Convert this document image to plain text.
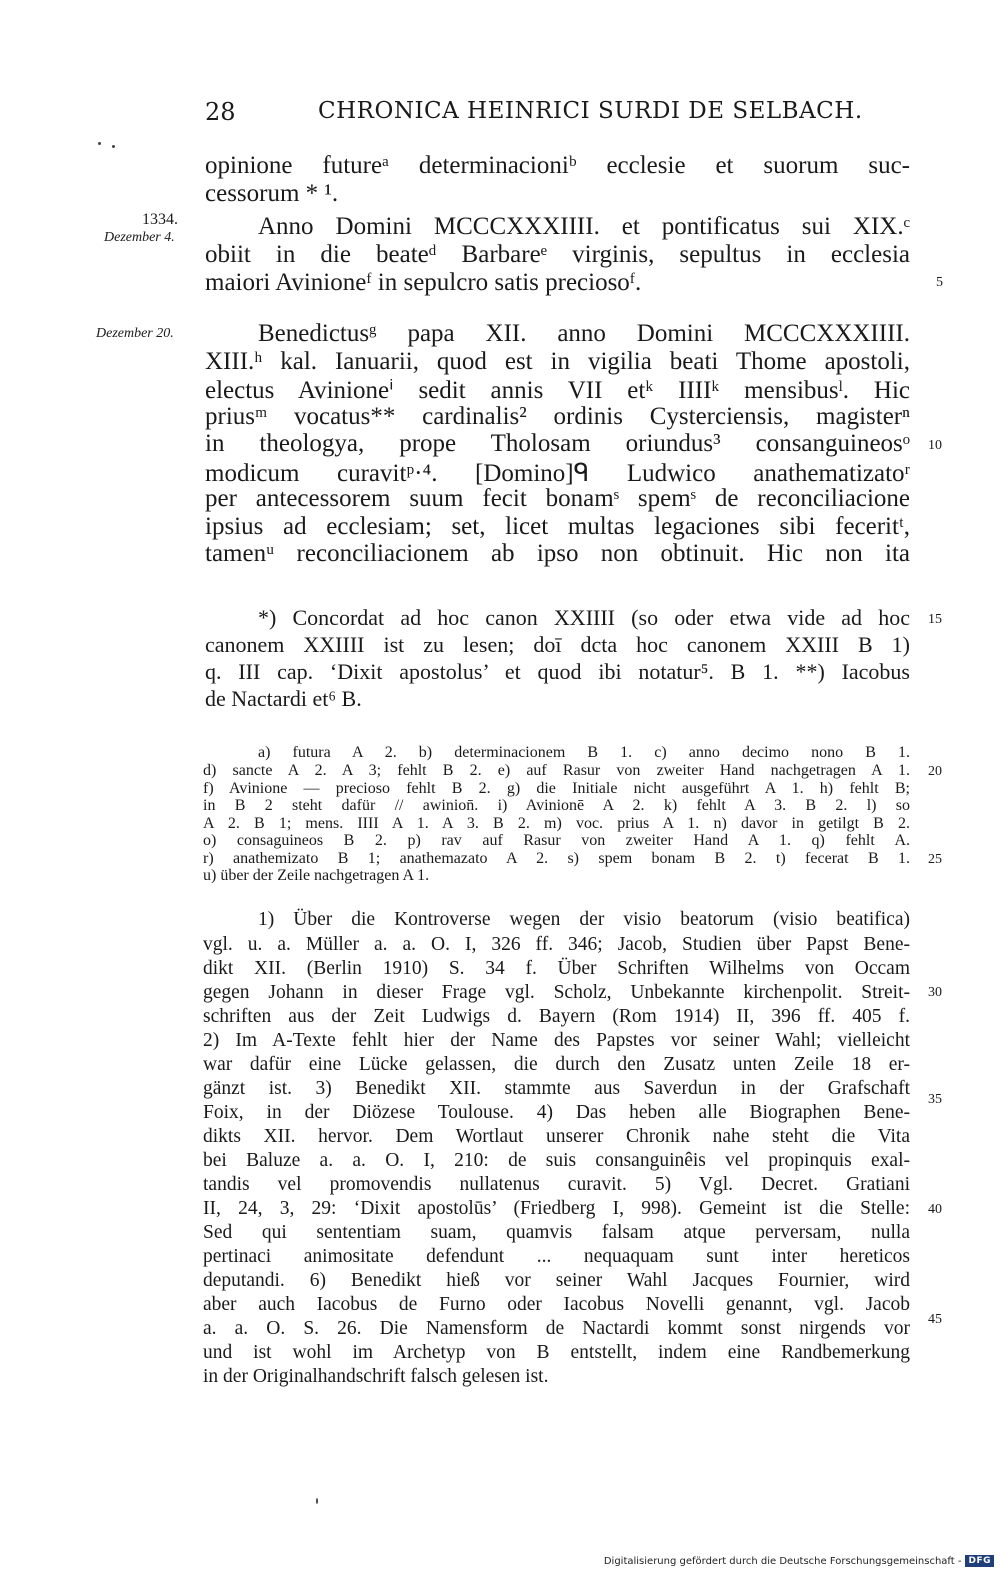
28	CHRONICA HEINRICI SURDI DE SELBACH.
1334.
Dezember 4.
Dezember 20.
opinione futureᵃ determinacioniᵇ ecclesie et suorum suc-
cessorum * ¹.
Anno Domini MCCCXXXIIII. et pontificatus sui XIX.ᶜ
obiit in die beateᵈ Barbareᵉ virginis, sepultus in ecclesia
maiori Avinioneᶠ in sepulcro satis preciosoᶠ.
Benedictusᵍ papa XII. anno Domini MCCCXXXIIII.
XIII.ʰ kal. Ianuarii, quod est in vigilia beati Thome apostoli,
electus Avinioneⁱ sedit annis VII etᵏ IIIIᵏ mensibusˡ. Hic
priusᵐ vocatus** cardinalis² ordinis Cysterciensis, magisterⁿ
in theologya, prope Tholosam oriundus³ consanguineosᵒ
modicum curavitᵖ·⁴. [Domino]ᑫ Ludwico anathematizatoʳ
per antecessorem suum fecit bonamˢ spemˢ de reconciliacione
ipsius ad ecclesiam; set, licet multas legaciones sibi feceritᵗ,
tamenᵘ reconciliacionem ab ipso non obtinuit. Hic non ita
*) Concordat ad hoc canon XXIIII (so oder etwa vide ad hoc
canonem XXIIII ist zu lesen; doī dcta hoc canonem XXIII B 1)
q. III cap. ‘Dixit apostolus’ et quod ibi notatur⁵. B 1. **) Iacobus
de Nactardi et⁶ B.
a) futura A 2. b) determinacionem B 1. c) anno decimo nono B 1.
d) sancte A 2. A 3; fehlt B 2. e) auf Rasur von zweiter Hand nachgetragen A 1.
f) Avinione — precioso fehlt B 2. g) die Initiale nicht ausgeführt A 1. h) fehlt B;
in B 2 steht dafür // awinion̄. i) Avinionē A 2. k) fehlt A 3. B 2. l) so
A 2. B 1; mens. IIII A 1. A 3. B 2. m) voc. prius A 1. n) davor in getilgt B 2.
o) consaguineos B 2. p) rav auf Rasur von zweiter Hand A 1. q) fehlt A.
r) anathemizato B 1; anathemazato A 2. s) spem bonam B 2. t) fecerat B 1.
u) über der Zeile nachgetragen A 1.
1) Über die Kontroverse wegen der visio beatorum (visio beatifica)
vgl. u. a. Müller a. a. O. I, 326 ff. 346; Jacob, Studien über Papst Bene-
dikt XII. (Berlin 1910) S. 34 f. Über Schriften Wilhelms von Occam
gegen Johann in dieser Frage vgl. Scholz, Unbekannte kirchenpolit. Streit-
schriften aus der Zeit Ludwigs d. Bayern (Rom 1914) II, 396 ff. 405 f.
2) Im A-Texte fehlt hier der Name des Papstes vor seiner Wahl; vielleicht
war dafür eine Lücke gelassen, die durch den Zusatz unten Zeile 18 er-
gänzt ist. 3) Benedikt XII. stammte aus Saverdun in der Grafschaft
Foix, in der Diözese Toulouse. 4) Das heben alle Biographen Bene-
dikts XII. hervor. Dem Wortlaut unserer Chronik nahe steht die Vita
bei Baluze a. a. O. I, 210: de suis consanguinêis vel propinquis exal-
tandis vel promovendis nullatenus curavit. 5) Vgl. Decret. Gratiani
II, 24, 3, 29: ‘Dixit apostolūs’ (Friedberg I, 998). Gemeint ist die Stelle:
Sed qui sententiam suam, quamvis falsam atque perversam, nulla
pertinaci animositate defendunt ... nequaquam sunt inter hereticos
deputandi. 6) Benedikt hieß vor seiner Wahl Jacques Fournier, wird
aber auch Iacobus de Furno oder Iacobus Novelli genannt, vgl. Jacob
a. a. O. S. 26. Die Namensform de Nactardi kommt sonst nirgends vor
und ist wohl im Archetyp von B entstellt, indem eine Randbemerkung
in der Originalhandschrift falsch gelesen ist.
5
10
15
20
25
30
35
40
45
Digitalisierung gefördert durch die Deutsche Forschungsgemeinschaft - DFG
